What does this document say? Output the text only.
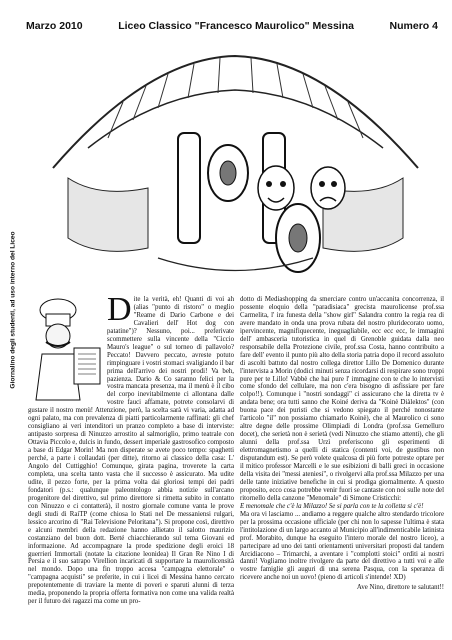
Marzo 2010	Liceo Classico "Francesco Maurolico" Messina	Numero 4
Giornalino degli studenti, ad uso interno del Liceo	D ite la verità, eh! Quanti di voi ah (alias "punto di ristoro" o meglio "Reame di Dario Carbone e dei Cavalieri dell' Hot dog con patatine")? Nessuno, poi... preferivate scommettere sulla vincente della "Ciccio Mauro's league" o sul torneo di pallavolo? Peccato! Davvero peccato, avreste potuto rimpinguare i vostri stomaci svaligiando il bar prima dell'arrivo dei nostri prodi! Va beh, pazienza. Dario & Co saranno felici per la vostra mancata presenza, ma il menù è il cibo del corpo inevitabilmente ci allontana dalle vostre fauci affamate, potrete consolarvi di gustare il nostro menù! Attenzione, però, la scelta sarà vi varia, adatta ad ogni palato, ma con prevalenza di piatti particolarmente raffinati: gli chef consigliano ai veri intenditori un pranzo completo a base di interviste: antipasto sorpresa di Ninuzzo arrostito al salmoriglio, primo teatrale con Ottavia Piccolo e, dulcis in fundo, dessert imperiale gastrosofico composto a base di Edgar Morin! Ma non disperate se avete poco tempo: spaghetti perché, a parte i collaudati (per ditte), ritorno ai classico della casa: L' Angolo del Cuttigghio! Comunque, girata pagina, troverete la carta completa, una scelta tanto vasta che il successo è assicurato. Ma udite udite, il pezzo forte, per la prima volta dai gloriosi tempi dei padri fondatori (p.s.: qualunque paleontologo abbia notizie sull'arcano progenitore del direttivo, sul primo direttore si rimetta subito in contatto con Ninuzzo e ci contatterà), il nostro giornale comune vanta le prove degli studi di RaiTP (come chiosa lo Stati nel De messaniensi rulgari, lessico arcorino di "Rai Televisione Peloritana"). Si propone così, direttivo e alcuni membri della redazione hanno allietato il salotto maurizio costanziano del buon dott. Berté chiacchierando sul tema Giovani ed informazione. Ad accompagnare la prode spedizione degli eroici 18 guerrieri Immortali (notate la citazione leonidea) Il Gran Re Nino I di Persia e il suo satrapo Virellion incaricati di supportare la maurolicensità nel mondo. Dopo una fin troppo accesa "campagna elettorale" o "campagna acquisti" se preferite, in cui i licei di Messina hanno cercato prepotentemente di traviare la mente di poveri e sparuti alunni di terza media, proponendo la propria offerta formativa non come una valida realtà per il futuro dei ragazzi ma come un pro-

dotto di Mediashopping da smerciare contro un'accanita concorrenza, il possente eloquio della "paradisiaca" grecista maurolicense prof.ssa Carmelita, l' ira funesta della "show girl" Salandra contro la regia rea di avere mandato in onda una prova rubata del nostro pluridecorato uomo, ipervincente, magnifiquecente, ineguagliabile, ecc ecc ecc, le immagini dell' ambasceria tutoristica in quel di Grenoble guidata dalla neo responsabile della Protezione civile, prof.ssa Costa, hanno contribuito a fare dell' evento il punto più alto della storia patria dopo il record assoluto di ascolti battuto dal nostro collega direttor Lillo De Domenico durante l'intervista a Morin (dodici minuti senza ricordarsi di respirare sono troppi pure per te Lillo! Vabbè che hai pure l' immagine con te che lo intervisti come sfondo del cellulare, ma non c'era bisogno di asfissiare per fare colpo!!). Comunque i "nostri sondaggi" ci assicurano che la diretta tv è andata bene; ora tutti sanno che Koiné deriva da "Koinè Diàlektos" (con buona pace dei puristi che si vedono spiegato il perché nonostante l'articolo "il" non possiamo chiamarlo Koinè), che al Maurolico ci sono altre degne delle prossime Olimpiadi di Londra (prof.ssa Gemelluro docet), che serietà non è serietà (vedi Ninuzzo che stiamo attenti), che gli alunni della prof.ssa Urzì preferiscono gli esperimenti di elettromagnetismo a quelli di statica (contenti voi, de gustibus non disputandum est). Se però volete qualcosa di più forte potreste optare per il mitico professor Marcelli e le sue esibizioni di balli greci in occasione della visita dei "messi ateniesi", o rivolgervi alla prof.ssa Milazzo per una delle tante iniziative benefiche in cui si prodiga giornalmente. A questo proposito, ecco cosa potrebbe venir fuori se cantaste con noi sulle note del ritornello della canzone "Menomale" di Simone Cristicchi:

E menomale che c'è la Milazzo! Se si parla con te la colletta si c'è!

Ma ora vi lasciamo ... andiamo a reggere qualche altro stendardo tricolore per la prossima occasione ufficiale (per chi non lo sapesse l'ultima è stata l'intitolazione di un largo accanto al Municipio all'indimenticabile latinista prof. Morabito, dunque ha eseguito l'intero morale del nostro liceo), a partecipare ad uno dei tanti orientamenti universitari proposti dal tandem Arcidiacono – Trimarchi, a aventare i "complotti stoici" ordìti ai nostri danni! Vogliamo inoltre rivolgere da parte del direttivo a tutti voi e alle vostre famiglie gli auguri di una serena Pasqua, con la speranza di ricevere anche noi un uovo! (pieno di articoli s'intende! XD)

Ave Nino, direttore te salutant!!
